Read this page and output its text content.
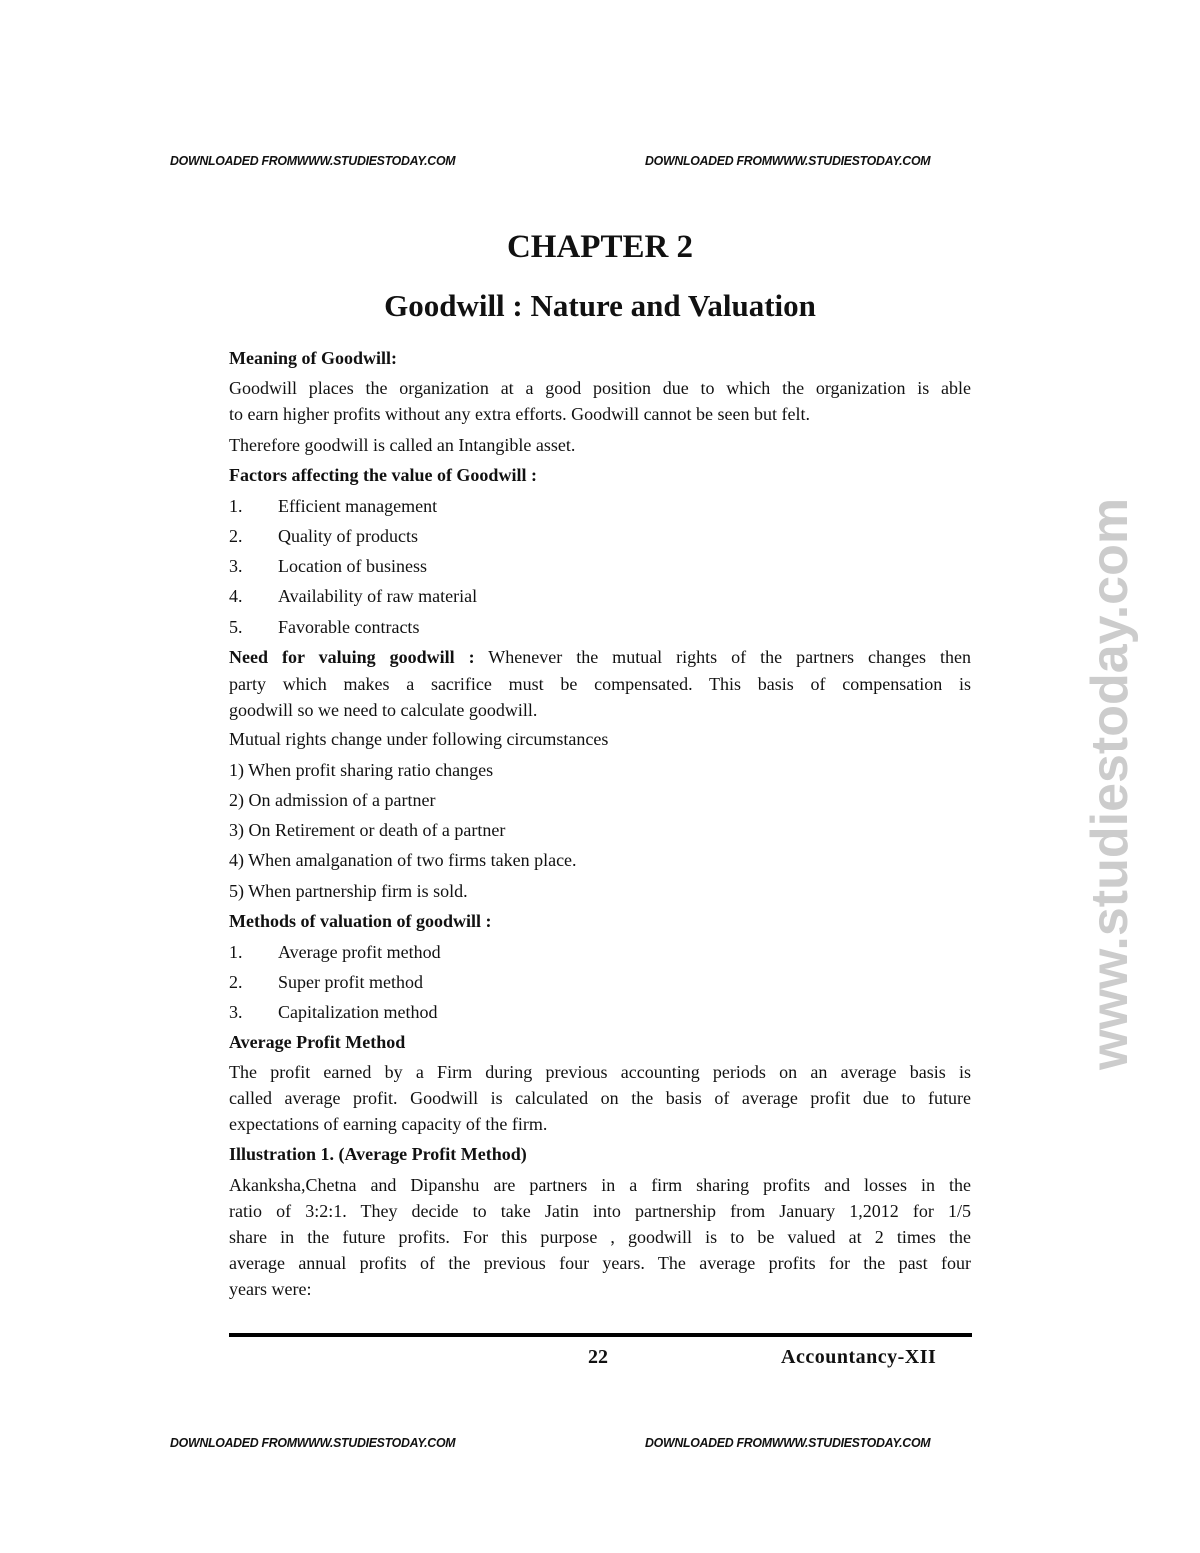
DOWNLOADED FROMWWW.STUDIESTODAY.COM	DOWNLOADED FROMWWW.STUDIESTODAY.COM
www.studiestoday.com
CHAPTER 2
Goodwill : Nature and Valuation
Meaning of Goodwill:
Goodwill places the organization at a good position due to which the organization is able
to earn higher profits without any extra efforts. Goodwill cannot be seen but felt.
Therefore goodwill is called an Intangible asset.
Factors affecting the value of Goodwill :
1. Efficient management
2. Quality of products
3. Location of business
4. Availability of raw material
5. Favorable contracts
Need for valuing goodwill : Whenever the mutual rights of the partners changes then
party which makes a sacrifice must be compensated. This basis of compensation is
goodwill so we need to calculate goodwill.
Mutual rights change under following circumstances
1) When profit sharing ratio changes
2) On admission of a partner
3) On Retirement or death of a partner
4) When amalganation of two firms taken place.
5) When partnership firm is sold.
Methods of valuation of goodwill :
1. Average profit method
2. Super profit method
3. Capitalization method
Average Profit Method
The profit earned by a Firm during previous accounting periods on an average basis is
called average profit. Goodwill is calculated on the basis of average profit due to future
expectations of earning capacity of the firm.
Illustration 1. (Average Profit Method)
Akanksha,Chetna and Dipanshu are partners in a firm sharing profits and losses in the
ratio of 3:2:1. They decide to take Jatin into partnership from January 1,2012 for 1/5
share in the future profits. For this purpose , goodwill is to be valued at 2 times the
average annual profits of the previous four years. The average profits for the past four
years were:
22	Accountancy-XII
DOWNLOADED FROMWWW.STUDIESTODAY.COM	DOWNLOADED FROMWWW.STUDIESTODAY.COM
